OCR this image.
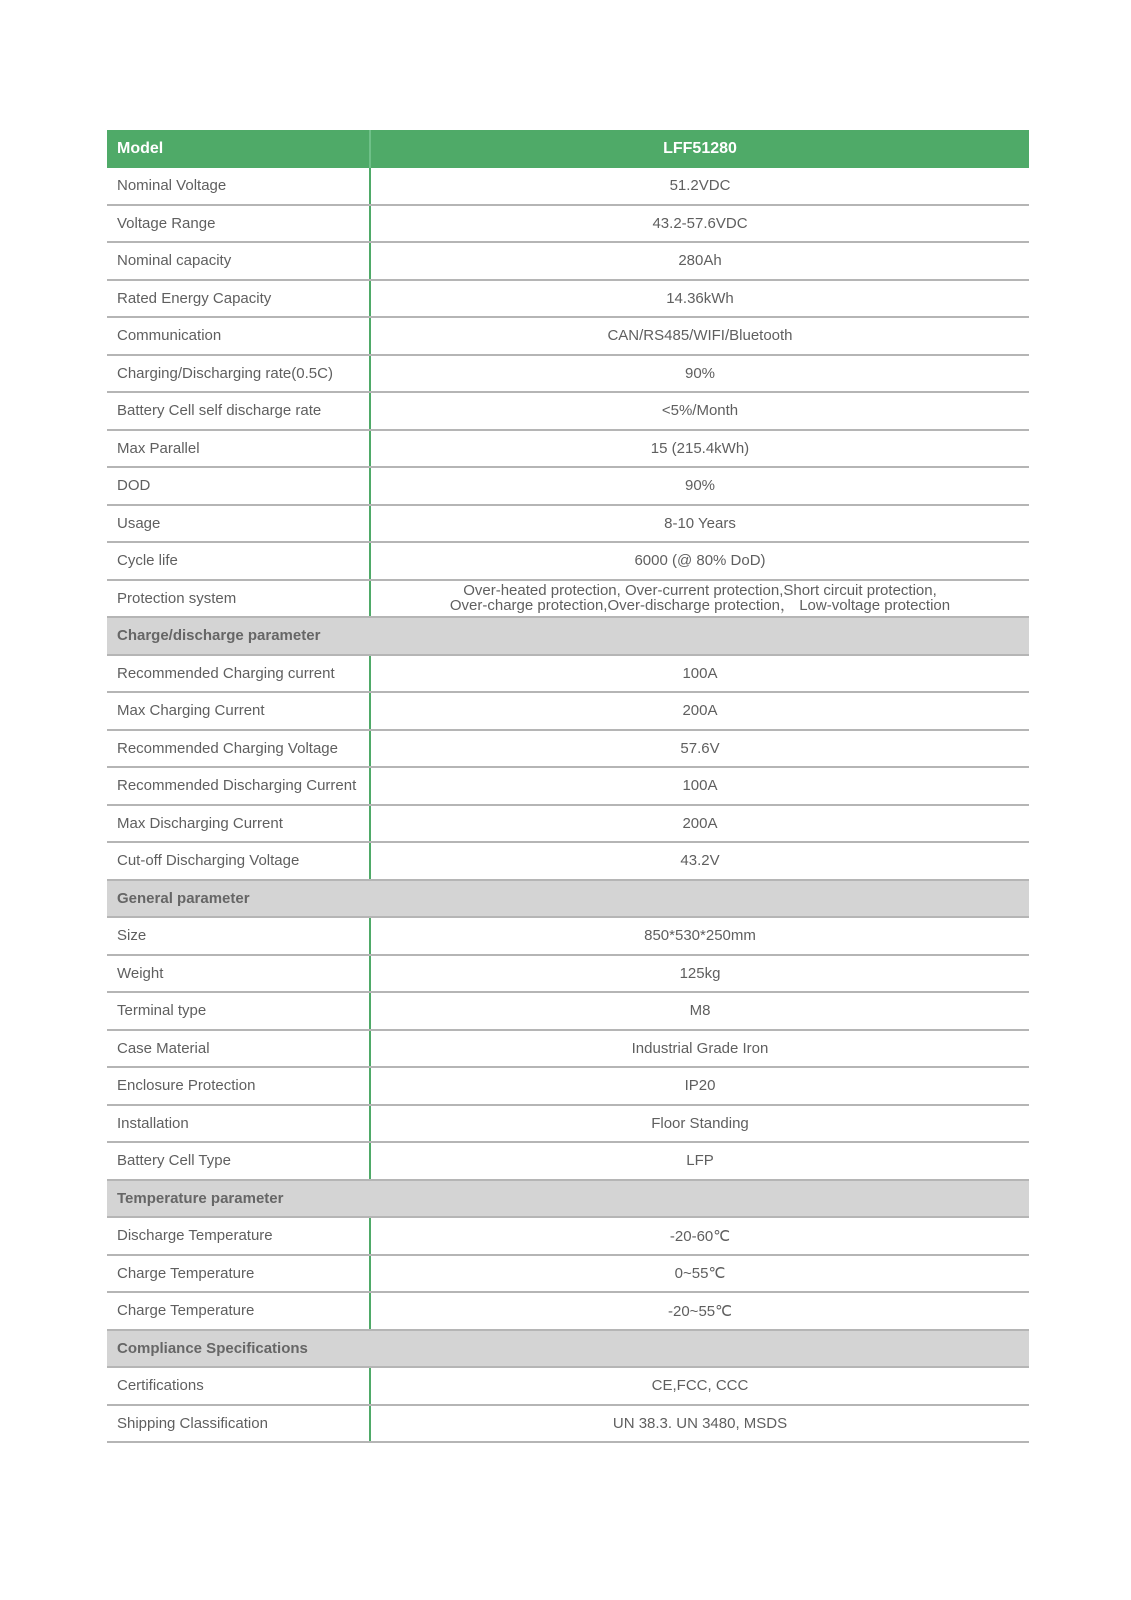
Model	LFF51280
Nominal Voltage	51.2VDC
Voltage Range	43.2-57.6VDC
Nominal capacity	280Ah
Rated Energy Capacity	14.36kWh
Communication	CAN/RS485/WIFI/Bluetooth
Charging/Discharging rate(0.5C)	90%
Battery Cell self discharge rate	<5%/Month
Max Parallel	15 (215.4kWh)
DOD	90%
Usage	8-10 Years
Cycle life	6000 (@ 80% DoD)
Protection system	Over-heated protection, Over-current protection,Short circuit protection,
Over-charge protection,Over-discharge protection， Low-voltage protection
Charge/discharge parameter
Recommended Charging current	100A
Max Charging Current	200A
Recommended Charging Voltage	57.6V
Recommended Discharging Current	100A
Max Discharging Current	200A
Cut-off Discharging Voltage	43.2V
General parameter
Size	850*530*250mm
Weight	125kg
Terminal type	M8
Case Material	Industrial Grade Iron
Enclosure Protection	IP20
Installation	Floor Standing
Battery Cell Type	LFP
Temperature parameter
Discharge Temperature	-20-60℃
Charge Temperature	0~55℃
Charge Temperature	-20~55℃
Compliance Specifications
Certifications	CE,FCC, CCC
Shipping Classification	UN 38.3. UN 3480, MSDS
